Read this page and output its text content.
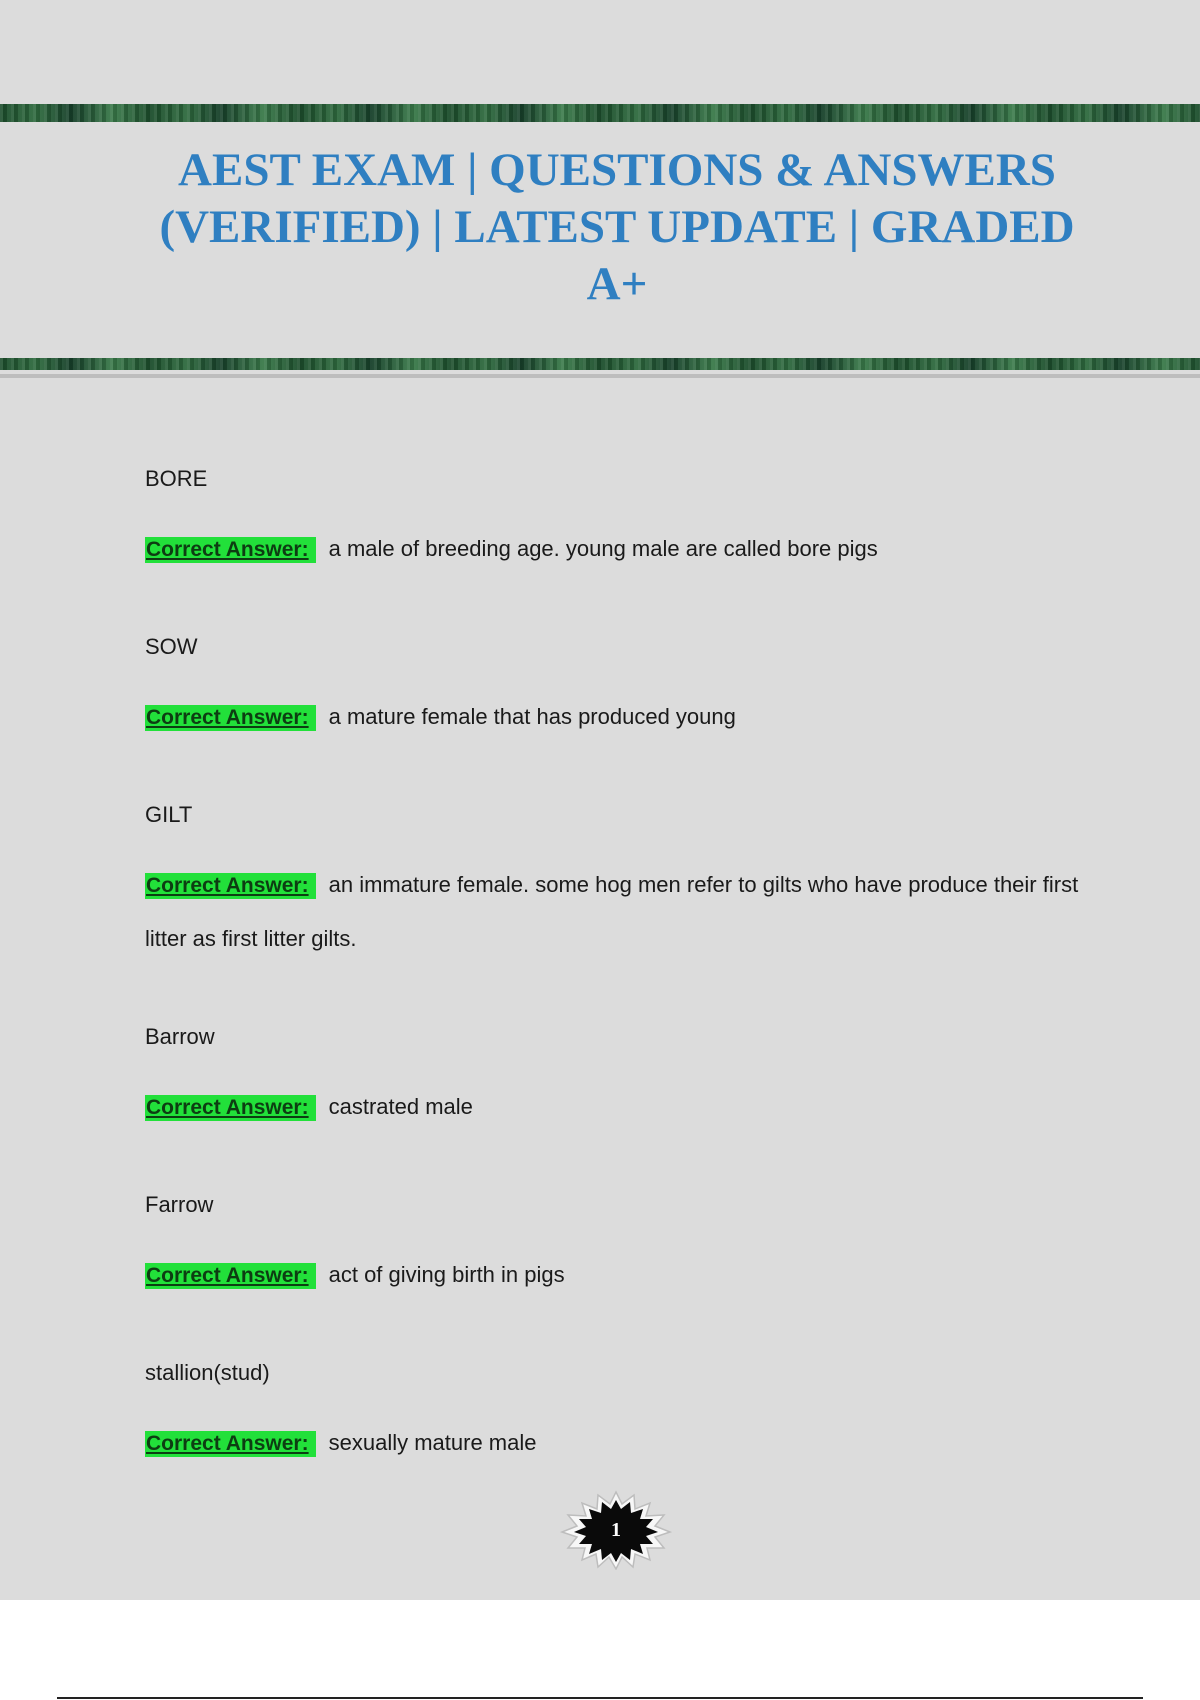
AEST EXAM | QUESTIONS & ANSWERS
(VERIFIED) | LATEST UPDATE | GRADED
A+
BORE
Correct Answer: a male of breeding age. young male are called bore pigs
SOW
Correct Answer: a mature female that has produced young
GILT
Correct Answer: an immature female. some hog men refer to gilts who have produce their first litter as first litter gilts.
Barrow
Correct Answer: castrated male
Farrow
Correct Answer: act of giving birth in pigs
stallion(stud)
Correct Answer: sexually mature male
1
